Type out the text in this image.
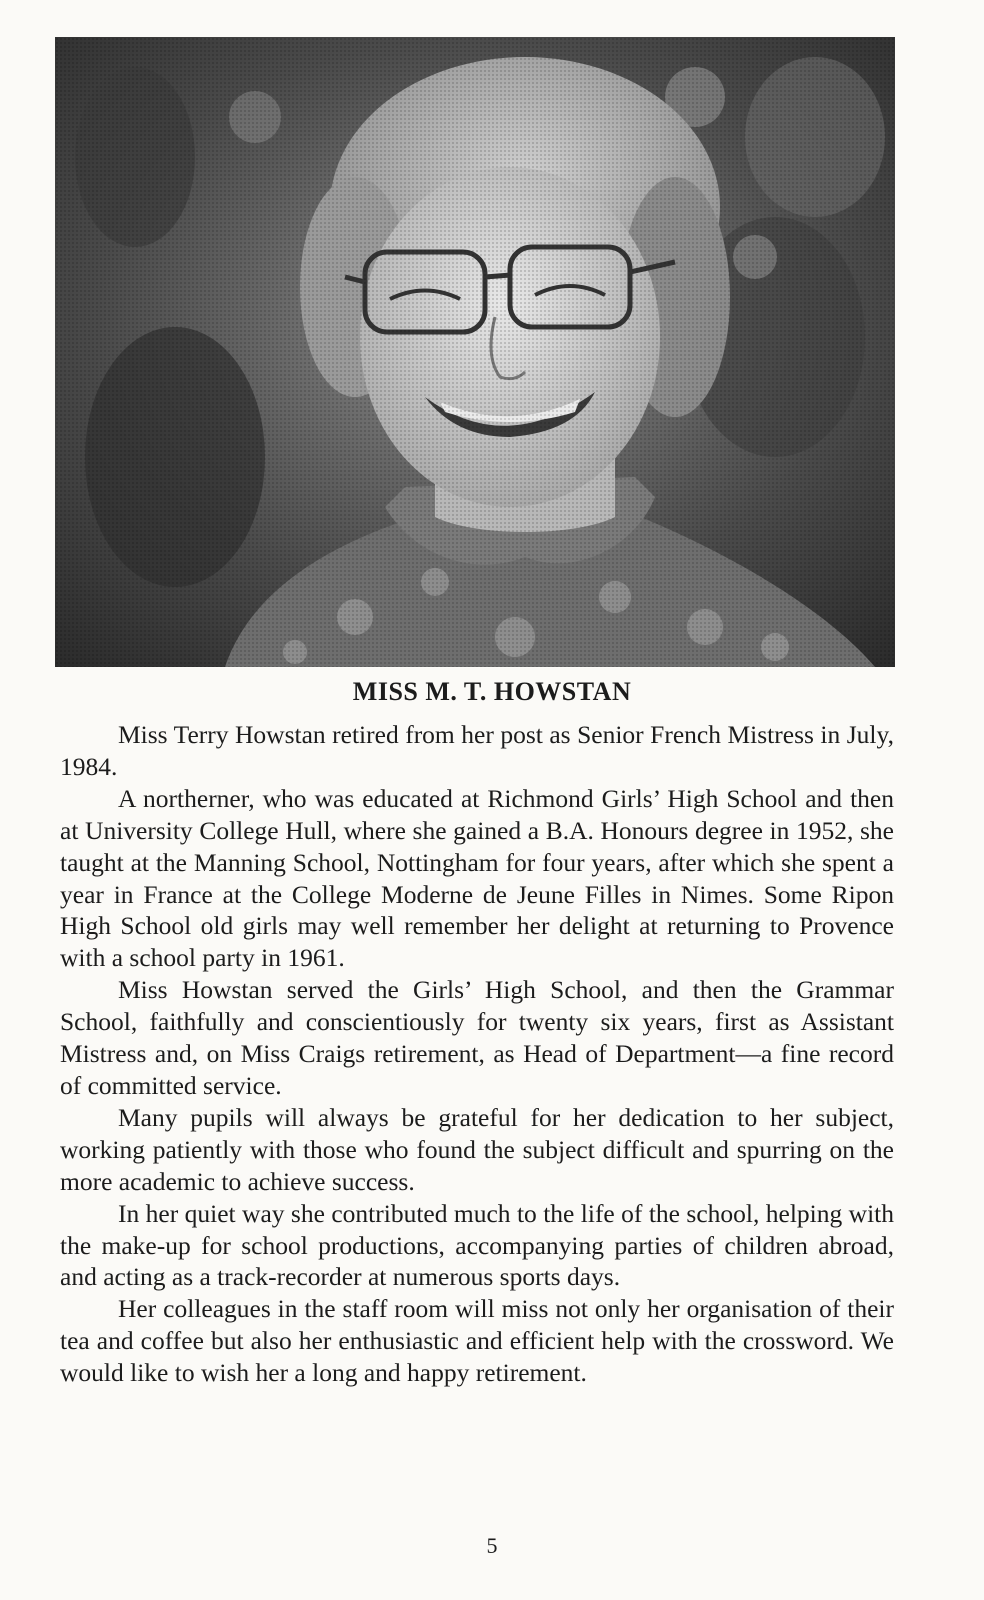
MISS M. T. HOWSTAN

Miss Terry Howstan retired from her post as Senior French Mistress in July, 1984.

A northerner, who was educated at Richmond Girls’ High School and then at University College Hull, where she gained a B.A. Honours degree in 1952, she taught at the Manning School, Nottingham for four years, after which she spent a year in France at the College Moderne de Jeune Filles in Nimes. Some Ripon High School old girls may well remember her delight at returning to Provence with a school party in 1961.

Miss Howstan served the Girls’ High School, and then the Grammar School, faithfully and conscientiously for twenty six years, first as Assistant Mistress and, on Miss Craigs retirement, as Head of Department—a fine record of committed service.

Many pupils will always be grateful for her dedication to her subject, working patiently with those who found the subject difficult and spurring on the more academic to achieve success.

In her quiet way she contributed much to the life of the school, helping with the make-up for school productions, accompanying parties of children abroad, and acting as a track-recorder at numerous sports days.

Her colleagues in the staff room will miss not only her organisation of their tea and coffee but also her enthusiastic and efficient help with the crossword. We would like to wish her a long and happy retirement.

5
